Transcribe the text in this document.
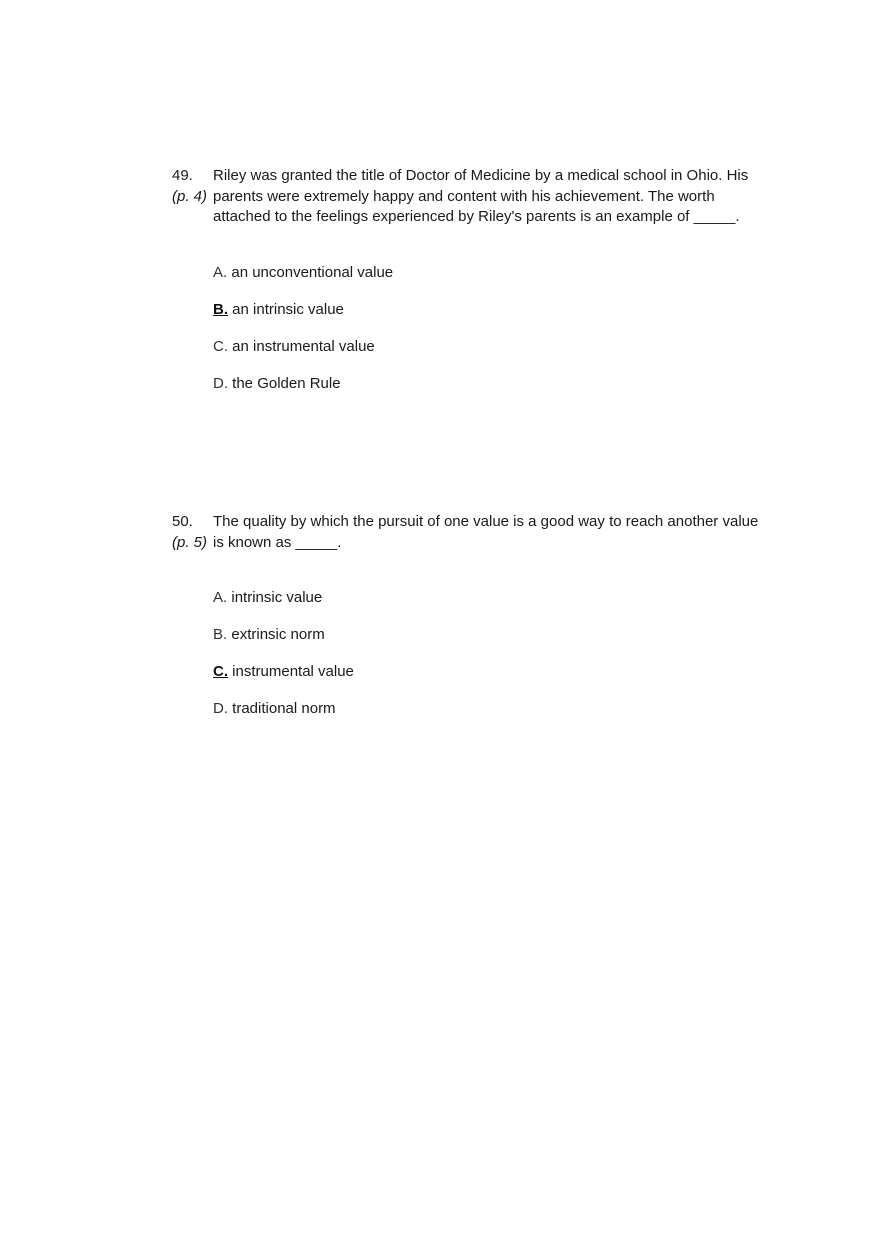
49.
(p. 4)

Riley was granted the title of Doctor of Medicine by a medical school in Ohio. His parents were extremely happy and content with his achievement. The worth attached to the feelings experienced by Riley's parents is an example of _____.

A. an unconventional value
B. an intrinsic value
C. an instrumental value
D. the Golden Rule
50.
(p. 5)

The quality by which the pursuit of one value is a good way to reach another value is known as _____.

A. intrinsic value
B. extrinsic norm
C. instrumental value
D. traditional norm
